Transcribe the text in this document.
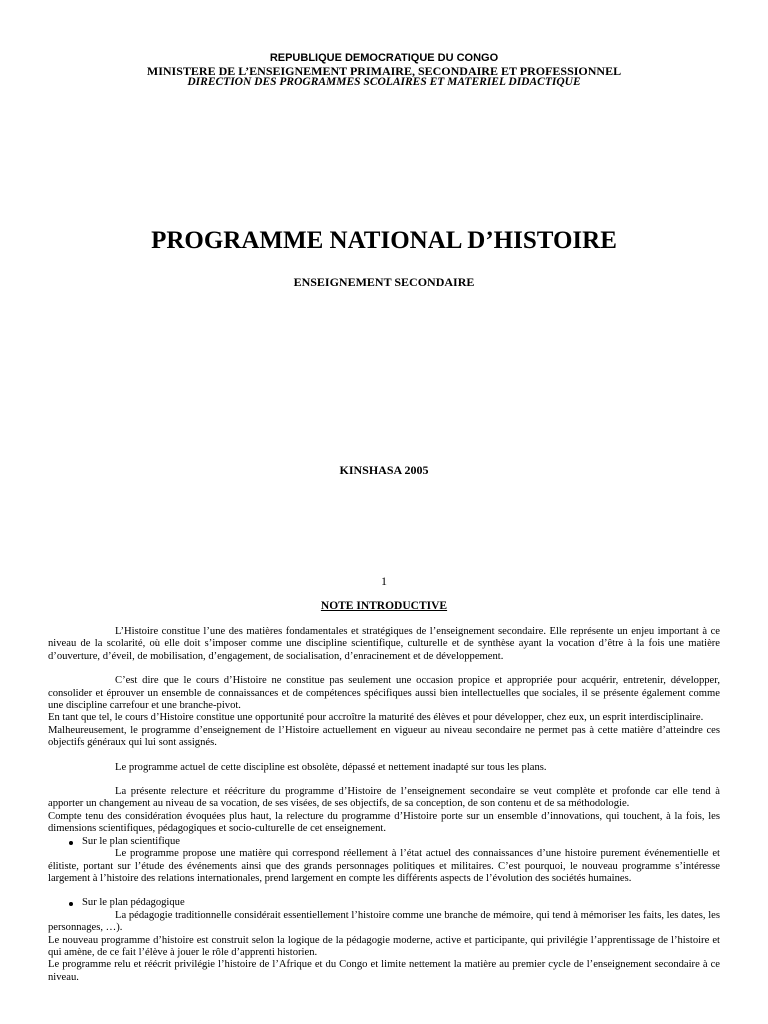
REPUBLIQUE DEMOCRATIQUE DU CONGO
MINISTERE DE L’ENSEIGNEMENT PRIMAIRE, SECONDAIRE ET PROFESSIONNEL
DIRECTION DES PROGRAMMES SCOLAIRES ET MATERIEL DIDACTIQUE
PROGRAMME NATIONAL D’HISTOIRE
ENSEIGNEMENT SECONDAIRE
KINSHASA 2005
1
NOTE INTRODUCTIVE

L’Histoire constitue l’une des matières fondamentales et stratégiques de l’enseignement secondaire. Elle représente un enjeu important à ce niveau de la scolarité, où elle doit s’imposer comme une discipline scientifique, culturelle et de synthèse ayant la vocation d’être à la fois une matière d’ouverture, d’éveil, de mobilisation, d’engagement, de socialisation, d’enracinement et de développement.

C’est dire que le cours d’Histoire ne constitue pas seulement une occasion propice et appropriée pour acquérir, entretenir, développer, consolider et éprouver un ensemble de connaissances et de compétences spécifiques aussi bien intellectuelles que sociales, il se présente également comme une discipline carrefour et une branche-pivot.

En tant que tel, le cours d’Histoire constitue une opportunité pour accroître la maturité des élèves et pour développer, chez eux, un esprit interdisciplinaire.

Malheureusement, le programme d’enseignement de l’Histoire actuellement en vigueur au niveau secondaire ne permet pas à cette matière d’atteindre ces objectifs généraux qui lui sont assignés.

Le programme actuel de cette discipline est obsolète, dépassé et nettement inadapté sur tous les plans.

La présente relecture et réécriture du programme d’Histoire de l’enseignement secondaire se veut complète et profonde car elle tend à apporter un changement au niveau de sa vocation, de ses visées, de ses objectifs, de sa conception, de son contenu et de sa méthodologie.

Compte tenu des considération évoquées plus haut, la relecture du programme d’Histoire porte sur un ensemble d’innovations, qui touchent, à la fois, les dimensions scientifiques, pédagogiques et socio-culturelle de cet enseignement.

Sur le plan scientifique

Le programme propose une matière qui correspond réellement à l’état actuel des connaissances d’une histoire purement événementielle et élitiste, portant sur l’étude des événements ainsi que des grands personnages politiques et militaires. C’est pourquoi, le nouveau programme s’intéresse largement à l’histoire des relations internationales, prend largement en compte les différents aspects de l’évolution des sociétés humaines.

Sur le plan pédagogique

La pédagogie traditionnelle considérait essentiellement l’histoire comme une branche de mémoire, qui tend à mémoriser les faits, les dates, les personnages, …).

Le nouveau programme d’histoire est construit selon la logique de la pédagogie moderne, active et participante, qui privilégie l’apprentissage de l’histoire et qui amène, de ce fait l’élève à jouer le rôle d’apprenti historien.

Le programme relu et réécrit privilégie l’histoire de l’Afrique et du Congo et limite nettement la matière au premier cycle de l’enseignement secondaire à ce niveau.
